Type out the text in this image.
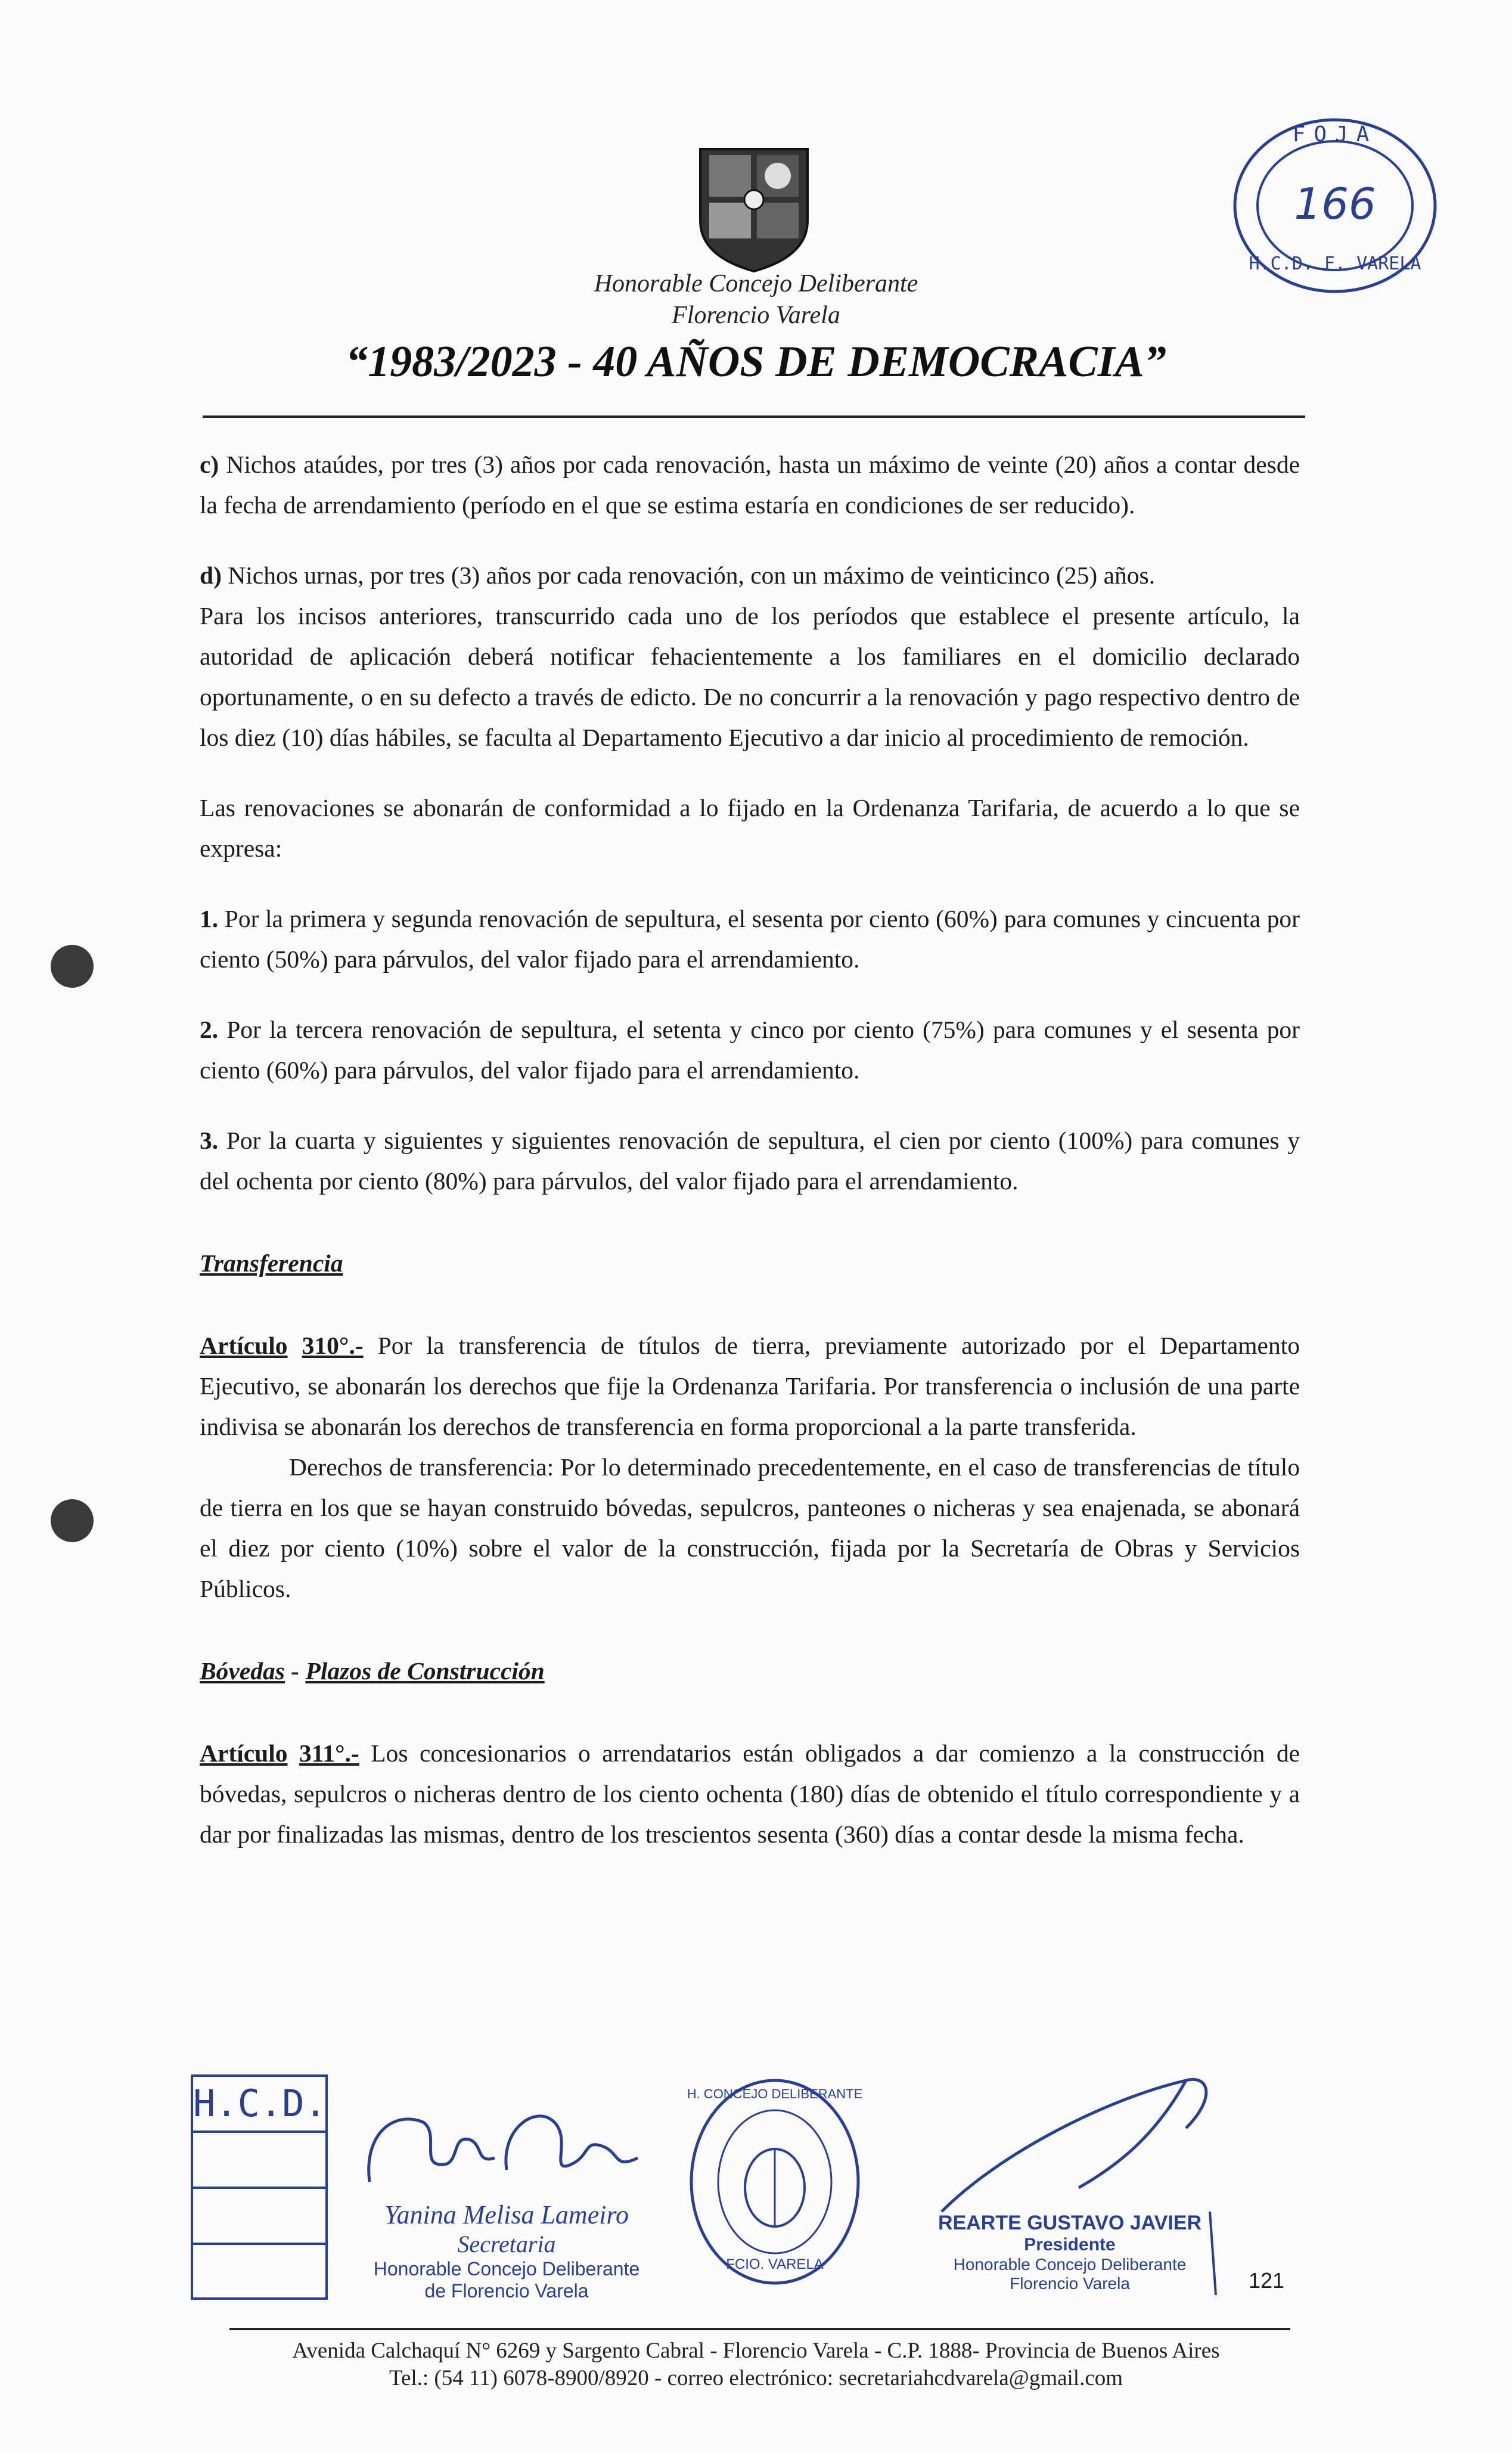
Honorable Concejo Deliberante
Florencio Varela
“1983/2023 - 40 AÑOS DE DEMOCRACIA”
FOJA
166
H.C.D. F. VARELA

c) Nichos ataúdes, por tres (3) años por cada renovación, hasta un máximo de veinte (20) años a contar desde la fecha de arrendamiento (período en el que se estima estaría en condiciones de ser reducido).

d) Nichos urnas, por tres (3) años por cada renovación, con un máximo de veinticinco (25) años.

Para los incisos anteriores, transcurrido cada uno de los períodos que establece el presente artículo, la autoridad de aplicación deberá notificar fehacientemente a los familiares en el domicilio declarado oportunamente, o en su defecto a través de edicto. De no concurrir a la renovación y pago respectivo dentro de los diez (10) días hábiles, se faculta al Departamento Ejecutivo a dar inicio al procedimiento de remoción.

Las renovaciones se abonarán de conformidad a lo fijado en la Ordenanza Tarifaria, de acuerdo a lo que se expresa:

1. Por la primera y segunda renovación de sepultura, el sesenta por ciento (60%) para comunes y cincuenta por ciento (50%) para párvulos, del valor fijado para el arrendamiento.

2. Por la tercera renovación de sepultura, el setenta y cinco por ciento (75%) para comunes y el sesenta por ciento (60%) para párvulos, del valor fijado para el arrendamiento.

3. Por la cuarta y siguientes y siguientes renovación de sepultura, el cien por ciento (100%) para comunes y del ochenta por ciento (80%) para párvulos, del valor fijado para el arrendamiento.

Transferencia

Artículo 310°.- Por la transferencia de títulos de tierra, previamente autorizado por el Departamento Ejecutivo, se abonarán los derechos que fije la Ordenanza Tarifaria. Por transferencia o inclusión de una parte indivisa se abonarán los derechos de transferencia en forma proporcional a la parte transferida.

Derechos de transferencia: Por lo determinado precedentemente, en el caso de transferencias de título de tierra en los que se hayan construido bóvedas, sepulcros, panteones o nicheras y sea enajenada, se abonará el diez por ciento (10%) sobre el valor de la construcción, fijada por la Secretaría de Obras y Servicios Públicos.

Bóvedas - Plazos de Construcción

Artículo 311°.- Los concesionarios o arrendatarios están obligados a dar comienzo a la construcción de bóvedas, sepulcros o nicheras dentro de los ciento ochenta (180) días de obtenido el título correspondiente y a dar por finalizadas las mismas, dentro de los trescientos sesenta (360) días a contar desde la misma fecha.

H.C.D.
Yanina Melisa Lameiro
Secretaria
Honorable Concejo Deliberante
de Florencio Varela
H. CONCEJO DELIBERANTE
FCIO. VARELA
REARTE GUSTAVO JAVIER
Presidente
Honorable Concejo Deliberante
Florencio Varela	121
Avenida Calchaquí N° 6269 y Sargento Cabral - Florencio Varela - C.P. 1888- Provincia de Buenos Aires
Tel.: (54 11) 6078-8900/8920 - correo electrónico: secretariahcdvarela@gmail.com
